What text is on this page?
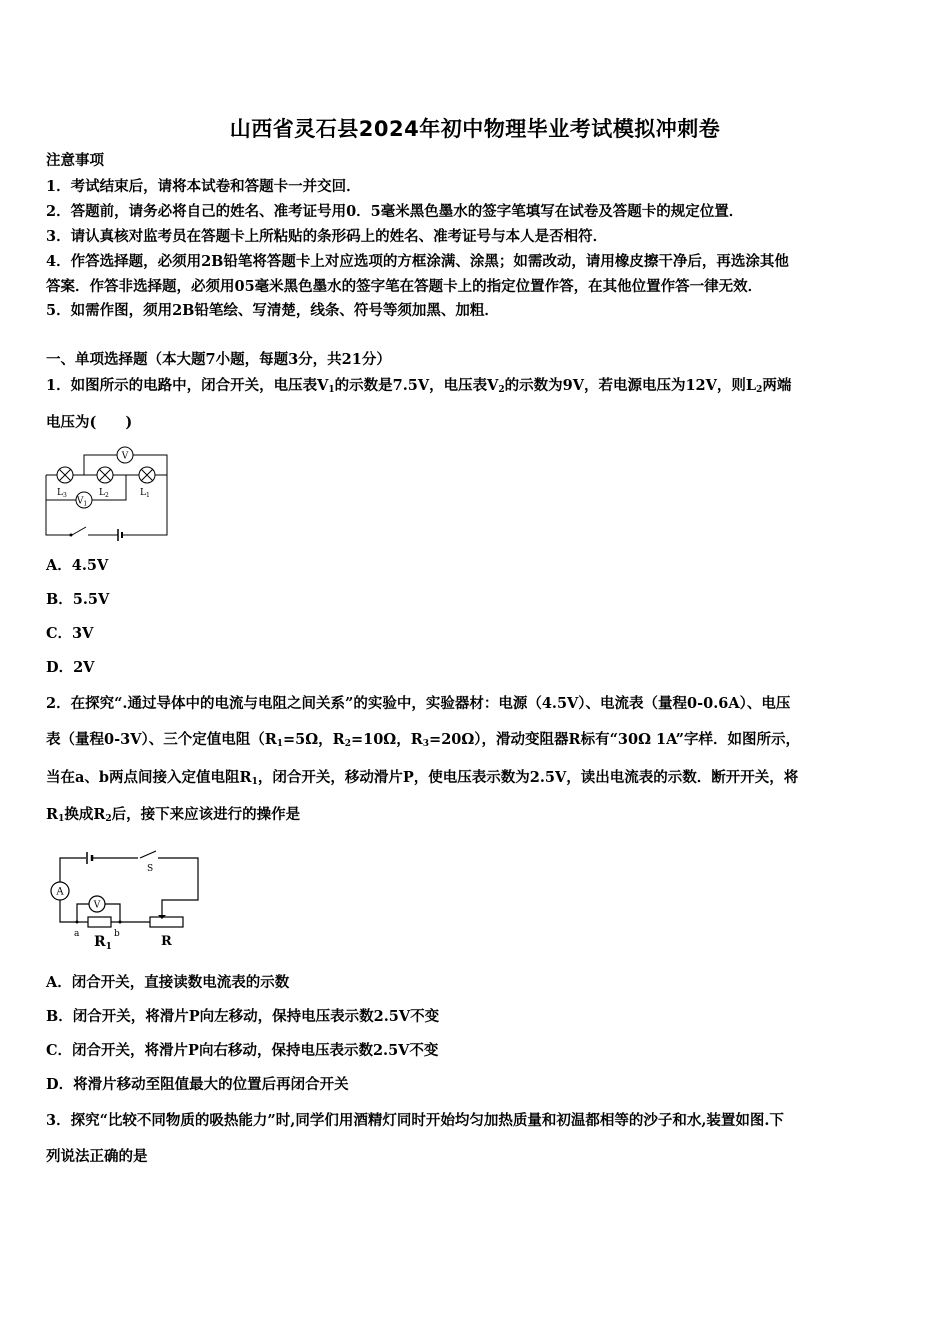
山西省灵石县2024年初中物理毕业考试模拟冲刺卷
注意事项
1．考试结束后，请将本试卷和答题卡一并交回．
2．答题前，请务必将自己的姓名、准考证号用0．5毫米黑色墨水的签字笔填写在试卷及答题卡的规定位置．
3．请认真核对监考员在答题卡上所粘贴的条形码上的姓名、准考证号与本人是否相符．
4．作答选择题，必须用2B铅笔将答题卡上对应选项的方框涂满、涂黑；如需改动，请用橡皮擦干净后，再选涂其他
答案．作答非选择题，必须用05毫米黑色墨水的签字笔在答题卡上的指定位置作答，在其他位置作答一律无效．
5．如需作图，须用2B铅笔绘、写清楚，线条、符号等须加黑、加粗．
一、单项选择题（本大题7小题，每题3分，共21分）
1．如图所示的电路中，闭合开关，电压表$V_1$的示数是7.5V，电压表$V_2$的示数为9V，若电源电压为12V，则$L_2$两端
电压为(　　)
V
$V_1$
$L_3$	$L_2$	$L_1$
A．4.5V
B．5.5V
C．3V
D．2V
2．在探究“.通过导体中的电流与电阻之间关系”的实验中，实验器材：电源（4.5V）、电流表（量程0-0.6A）、电压
表（量程0-3V）、三个定值电阻（$R_1=5\Omega$，$R_2=10\Omega$，$R_3=20\Omega$），滑动变阻器R标有“30Ω 1A”字样．如图所示，
当在a、b两点间接入定值电阻$R_1$，闭合开关，移动滑片P，使电压表示数为2.5V，读出电流表的示数．断开开关，将
$R_1$换成$R_2$后，接下来应该进行的操作是
A
V
S
a	b
$R_1$	R
A．闭合开关，直接读数电流表的示数
B．闭合开关，将滑片P向左移动，保持电压表示数2.5V不变
C．闭合开关，将滑片P向右移动，保持电压表示数2.5V不变
D．将滑片移动至阻值最大的位置后再闭合开关
3．探究“比较不同物质的吸热能力”时,同学们用酒精灯同时开始均匀加热质量和初温都相等的沙子和水,装置如图.下
列说法正确的是
